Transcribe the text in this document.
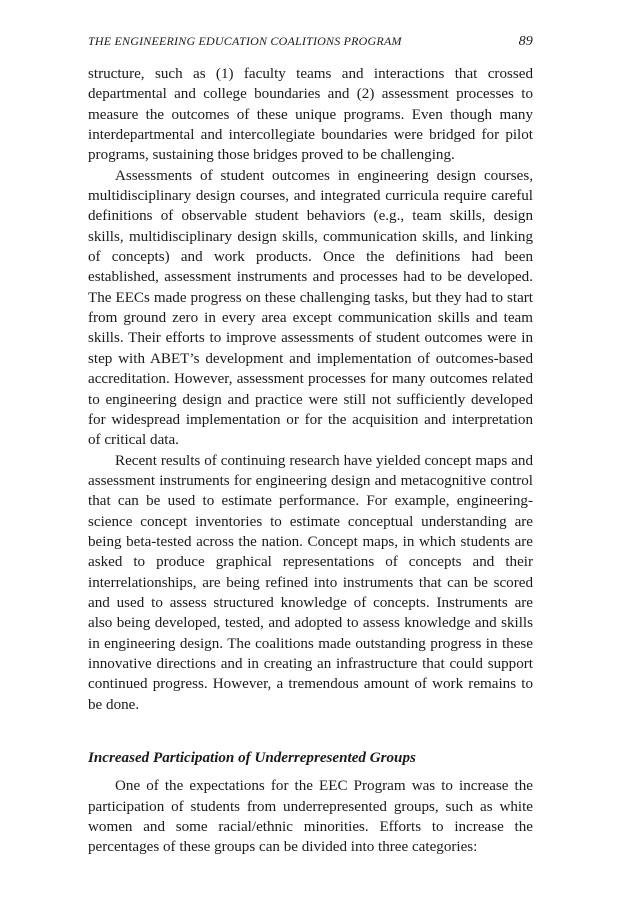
THE ENGINEERING EDUCATION COALITIONS PROGRAM	89

structure, such as (1) faculty teams and interactions that crossed departmental and college boundaries and (2) assessment processes to measure the outcomes of these unique programs. Even though many interdepartmental and intercollegiate boundaries were bridged for pilot programs, sustaining those bridges proved to be challenging.

Assessments of student outcomes in engineering design courses, multidisciplinary design courses, and integrated curricula require careful definitions of observable student behaviors (e.g., team skills, design skills, multidisciplinary design skills, communication skills, and linking of concepts) and work products. Once the definitions had been established, assessment instruments and processes had to be developed. The EECs made progress on these challenging tasks, but they had to start from ground zero in every area except communication skills and team skills. Their efforts to improve assessments of student outcomes were in step with ABET’s development and implementation of outcomes-based accreditation. However, assessment processes for many outcomes related to engineering design and practice were still not sufficiently developed for widespread implementation or for the acquisition and interpretation of critical data.

Recent results of continuing research have yielded concept maps and assessment instruments for engineering design and metacognitive control that can be used to estimate performance. For example, engineering-science concept inventories to estimate conceptual understanding are being beta-tested across the nation. Concept maps, in which students are asked to produce graphical representations of concepts and their interrelationships, are being refined into instruments that can be scored and used to assess structured knowledge of concepts. Instruments are also being developed, tested, and adopted to assess knowledge and skills in engineering design. The coalitions made outstanding progress in these innovative directions and in creating an infrastructure that could support continued progress. However, a tremendous amount of work remains to be done.

Increased Participation of Underrepresented Groups

One of the expectations for the EEC Program was to increase the participation of students from underrepresented groups, such as white women and some racial/ethnic minorities. Efforts to increase the percentages of these groups can be divided into three categories:
